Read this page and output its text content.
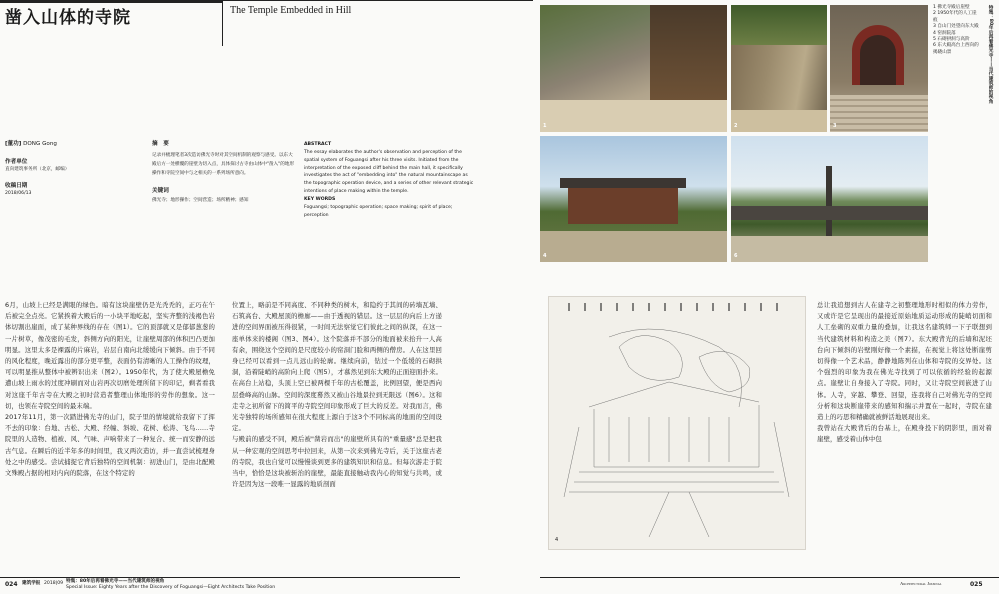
凿入山体的寺院	The Temple Embedded in Hill
[董功] DONG Gong
作者单位
直向建筑事务所（北京，邮编）
收稿日期
2018/06/13
摘　要
记录并梳理笔者3次造访佛光寺时对其空间机制的观察与感受。以东大殿后方一处横覆的崖壁为切入点，具体探讨古寺由山体中"凿入"的地形操作和寺院空间中与之相关的一系列场所意向。
关键词
佛光寺；地形操作；空间营造；场所精神；感知
ABSTRACT
The essay elaborates the author's observation and perception of the spatial system of Foguangsi after his three visits. Initiated from the interpretation of the exposed cliff behind the main hall, it specifically investigates the act of "embedding into" the natural mountainscape as the topographic operation device, and a series of other relevant strategic intentions of place making within the temple.
KEY WORDS
Foguangsi; topographic operation; space making; spirit of place; perception
6月，山坡上已经是满眼的绿色。暗有这块崖壁仍是光秃秃的，正巧在午后被完全点亮。它紧挨着大殿后的一小块平地屹起，坚实齐整的浅褐色岩体切割出崖面，成了某种界线的存在（图1）。它的顶部就又是郁郁葱葱的一片树草，像茂密的毛发，斜侧方向的阳光，让崖壁周部的体积凹凸更加明显。这里太多是裸露的片麻岩，岩层自南向北缓缓向下倾斜。由于不同的风化程度，晚近露出的部分更平整，表面仍有清晰的人工操作的纹理，可以明显推从整体中被辨识出来（图2）。1950年代，为了使大殿屋檐免遭山坡上雨水的过度冲刷而对山岩再次切磨处理所留下的印记，剩者看我对这座千年古寺在大殿之初时营造者整理山体地形的劳作的想象。这一切，也领在寺院空间的最末端。
2017年11月，第一次踏进佛光寺的山门，院子里的情境就给我留下了挥不去的印象：台地、古松、大殿、经幢、斜坡、花树、松涛、飞鸟……寺院里的人造物、植被、风、气味、声响带来了一种复合、统一而安静的远古气息。在瞬后的近半年多的时间里，我又两次造访，并一直尝试梳理身处之中的感受。尝试捕捉它背后独特的空间机制：初进山门，是由北配殿文殊殿占据的相对内向的院落，在这个特定的
位置上，略前是不同高度、不同种类的树木，和隐约于其间的砖墙瓦墙、石筑高台、大殿屋顶的檐廊——由于透视的错层。这一层层的向后上方递进的空间界面被压得很紧，一时间无法察觉它们彼此之间的纵深，在这一座单体来的楼阁（图3、图4）。这个院落并不部分的地面被来抬升一人高有余，围绕这个空间的是尺度较小的窑洞门脸和两侧的僧房。人在这里回身已经可以看到一点儿远山的轮廓。继续向前，钻过一个低缓的石砌拱洞，沿着陡峭的高阶向上爬（图5），才慕然见到东大殿的正面迎面扑来。在高台上站稳，头顶上空已被两棵千年的古松覆盖，比例回望，便是西向层叠峰高的山脉。空间的深度蓦然又被山谷地景拉到无限远（图6）。这和走寺之初所留下的简平的寺院空间印象形成了巨大的反差。对我而言，佛光寺独特的场所感知在很大程度上源自于这3个不同标高的地面的空间设定。
与殿前的感受不同，殿后被"凿岩而出"的崖壁所具有的"重量感"总是把我从一种宏观的空间思考中拉回来，从第一次来到佛光寺后，关于这座古老的寺院，我也自觉可以慢慢谈到更多的建筑知识和信息。但每次游走于院当中，恰恰是这块被斩治的崖壁，最能直接触动我内心的知觉与共鸣，或许是因为这一段唯一显露的地质剖面
1	2	3
4	6
1 佛光寺殿后崖壁
2 1950年代的人工崖痕
3 自山门处望向东大殿
4 窑洞院落
5 石砌拱洞与高阶
6 东大殿高台上西向的揭晓山景	特集：80年后再看佛光寺——当代建筑师的视角
024 建筑学报 2018|09 特集：80年后再看佛光寺——当代建筑师的视角
Special Issue: Eighty Years after the Discovery of Foguangsi—Eight Architects Take Position
4
总让我追想到古人在建寺之初整理地形时相似的体力劳作，又或许是它呈现出的最接近原始地质运动形成的陡峭切面和人工垒砌的双重力量的叠加，让我这名建筑师一下子联想到当代建筑材料和构造之美（图7）。东大殿背光的后墙和泥坯台向下倾斜的岩壁刚好像一个素描，在视觉上将这处断崖剪切得像一个艺术品，静静地陈列在山体和寺院的交界处。这个强烈的印象为我在佛光寺找到了可以依循的经验的起源点。崖壁让自身接入了寺院。同时，又让寺院空间嵌进了山体。人寺，穿越、攀登、回望，连我将自己对佛光寺的空间分析和这块断崖带来的感知和揣示并置在一起时，寺院在建造上的巧思和精确就被鲜活地展现出来。
我曾站在大殿背后的台基上，在殿身投下的阴影里，面对着崖壁，感受着山体中包
Architectural Journal	025
